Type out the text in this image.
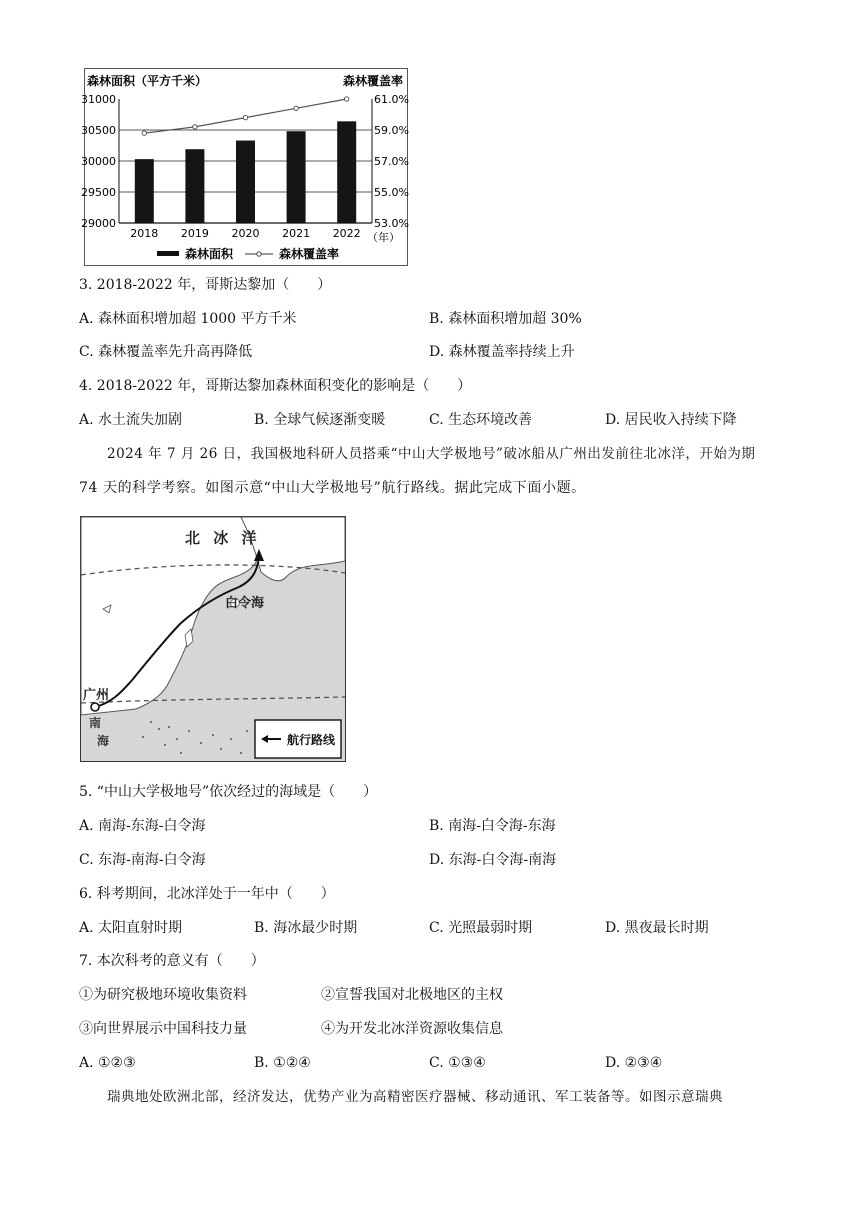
31000
30500
30000
29500
29000
61.0%
59.0%
57.0%
55.0%
53.0%
2018 2019 2020 2021 2022
森林面积（平方千米）	森林覆盖率
（年）
森林面积	森林覆盖率
3. 2018-2022 年，哥斯达黎加（　　）
A. 森林面积增加超 1000 平方千米	B. 森林面积增加超 30%
C. 森林覆盖率先升高再降低	D. 森林覆盖率持续上升
4. 2018-2022 年，哥斯达黎加森林面积变化的影响是（　　）
A. 水土流失加剧	B. 全球气候逐渐变暖	C. 生态环境改善	D. 居民收入持续下降
2024 年 7 月 26 日，我国极地科研人员搭乘“中山大学极地号”破冰船从广州出发前往北冰洋，开始为期
74 天的科学考察。如图示意“中山大学极地号”航行路线。据此完成下面小题。
北 冰 洋
白令海
广州
南
海	航行路线
5. “中山大学极地号”依次经过的海域是（　　）
A. 南海-东海-白令海	B. 南海-白令海-东海
C. 东海-南海-白令海	D. 东海-白令海-南海
6. 科考期间，北冰洋处于一年中（　　）
A. 太阳直射时期	B. 海冰最少时期	C. 光照最弱时期	D. 黑夜最长时期
7. 本次科考的意义有（　　）
①为研究极地环境收集资料	②宣誓我国对北极地区的主权
③向世界展示中国科技力量	④为开发北冰洋资源收集信息
A. ①②③	B. ①②④	C. ①③④	D. ②③④
瑞典地处欧洲北部，经济发达，优势产业为高精密医疗器械、移动通讯、军工装备等。如图示意瑞典
